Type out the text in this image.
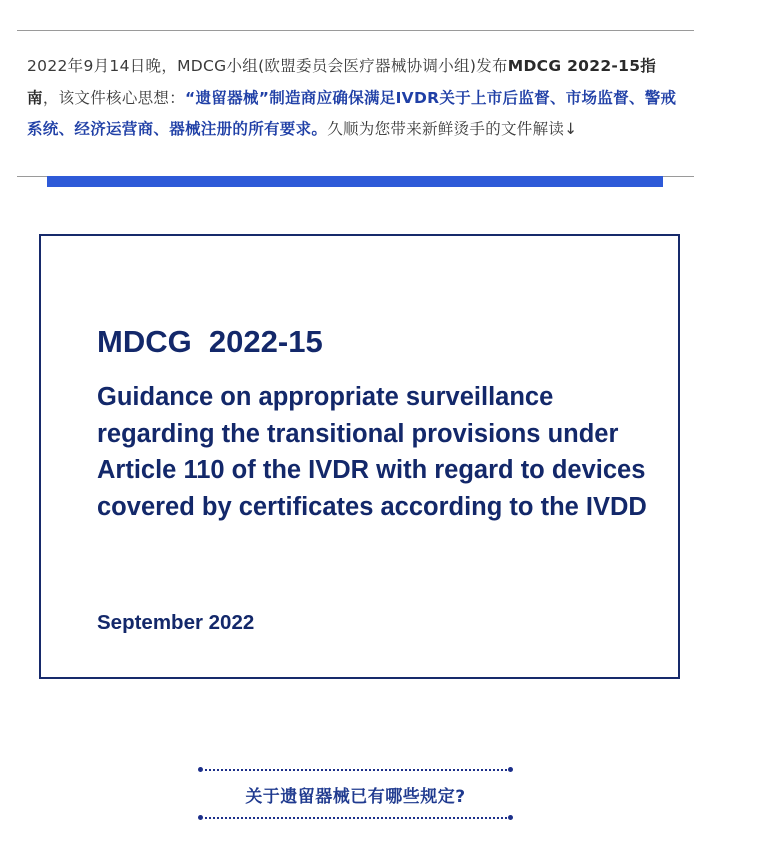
2022年9月14日晚，MDCG小组(欧盟委员会医疗器械协调小组)发布MDCG 2022-15指南，该文件核心思想：“遗留器械”制造商应确保满足IVDR关于上市后监督、市场监督、警戒系统、经济运营商、器械注册的所有要求。久顺为您带来新鲜烫手的文件解读↓

MDCG  2022-15

Guidance on appropriate surveillance regarding the transitional provisions under Article 110 of the IVDR with regard to devices covered by certificates according to the IVDD

September 2022

关于遗留器械已有哪些规定?
